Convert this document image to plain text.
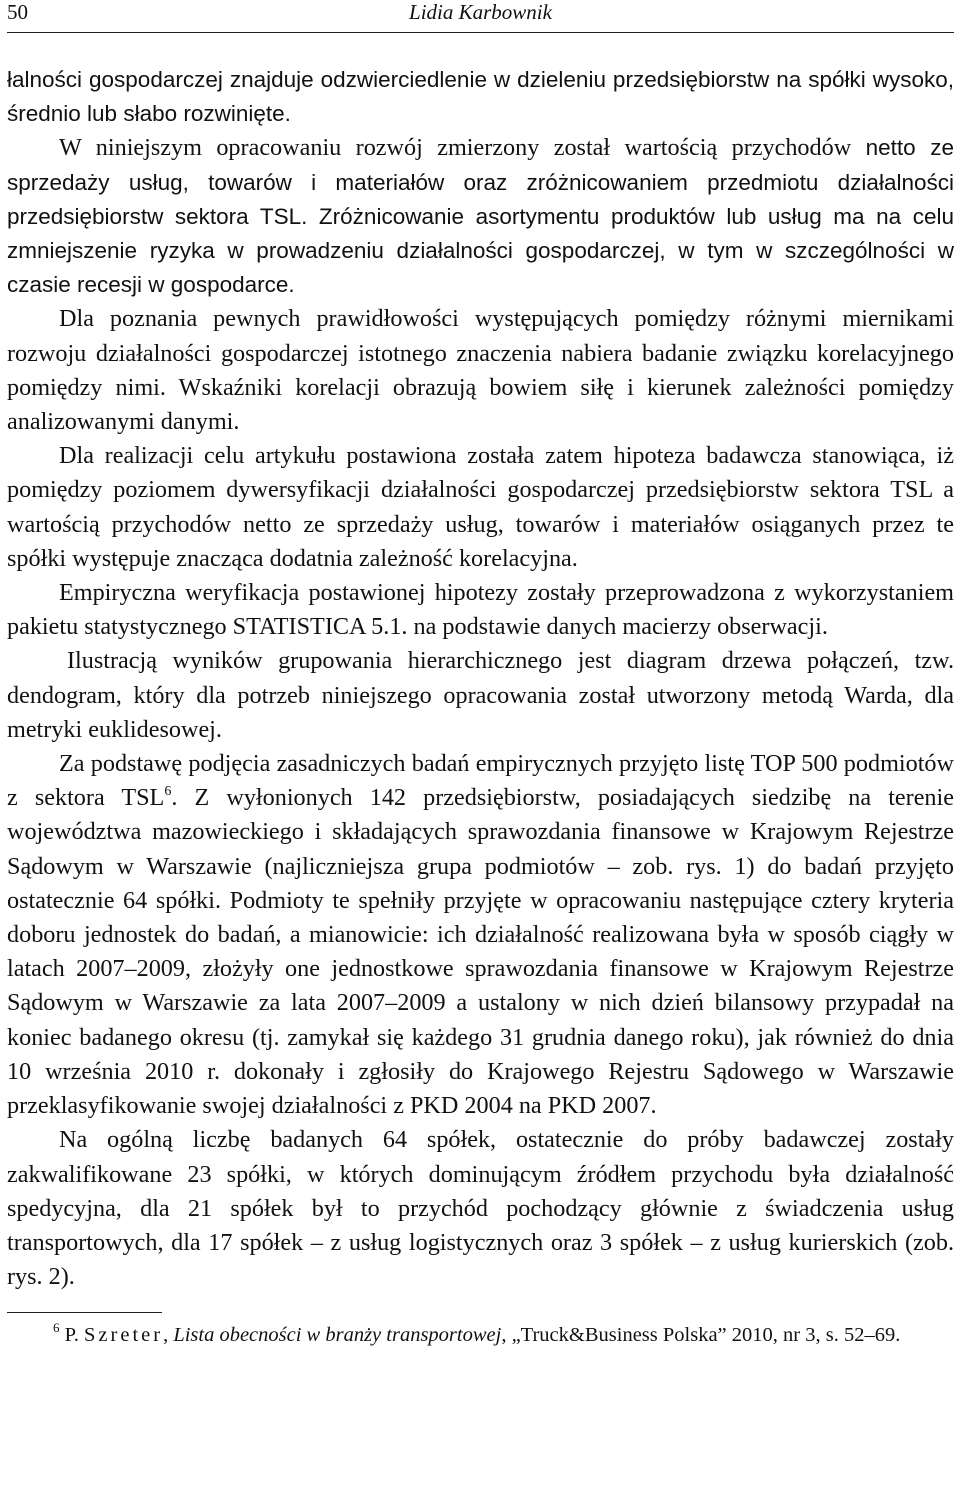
50	Lidia Karbownik

łalności gospodarczej znajduje odzwierciedlenie w dzieleniu przedsiębiorstw na spółki wysoko, średnio lub słabo rozwinięte.

W niniejszym opracowaniu rozwój zmierzony został wartością przychodów netto ze sprzedaży usług, towarów i materiałów oraz zróżnicowaniem przedmiotu działalności przedsiębiorstw sektora TSL. Zróżnicowanie asortymentu produktów lub usług ma na celu zmniejszenie ryzyka w prowadzeniu działalności gospodarczej, w tym w szczególności w czasie recesji w gospodarce.

Dla poznania pewnych prawidłowości występujących pomiędzy różnymi miernikami rozwoju działalności gospodarczej istotnego znaczenia nabiera badanie związku korelacyjnego pomiędzy nimi. Wskaźniki korelacji obrazują bowiem siłę i kierunek zależności pomiędzy analizowanymi danymi.

Dla realizacji celu artykułu postawiona została zatem hipoteza badawcza stanowiąca, iż pomiędzy poziomem dywersyfikacji działalności gospodarczej przedsiębiorstw sektora TSL a wartością przychodów netto ze sprzedaży usług, towarów i materiałów osiąganych przez te spółki występuje znacząca dodatnia zależność korelacyjna.

Empiryczna weryfikacja postawionej hipotezy zostały przeprowadzona z wykorzystaniem pakietu statystycznego STATISTICA 5.1. na podstawie danych macierzy obserwacji.

Ilustracją wyników grupowania hierarchicznego jest diagram drzewa połączeń, tzw. dendogram, który dla potrzeb niniejszego opracowania został utworzony metodą Warda, dla metryki euklidesowej.

Za podstawę podjęcia zasadniczych badań empirycznych przyjęto listę TOP 500 podmiotów z sektora TSL$^6$. Z wyłonionych 142 przedsiębiorstw, posiadających siedzibę na terenie województwa mazowieckiego i składających sprawozdania finansowe w Krajowym Rejestrze Sądowym w Warszawie (najliczniejsza grupa podmiotów – zob. rys. 1) do badań przyjęto ostatecznie 64 spółki. Podmioty te spełniły przyjęte w opracowaniu następujące cztery kryteria doboru jednostek do badań, a mianowicie: ich działalność realizowana była w sposób ciągły w latach 2007–2009, złożyły one jednostkowe sprawozdania finansowe w Krajowym Rejestrze Sądowym w Warszawie za lata 2007–2009 a ustalony w nich dzień bilansowy przypadał na koniec badanego okresu (tj. zamykał się każdego 31 grudnia danego roku), jak również do dnia 10 września 2010 r. dokonały i zgłosiły do Krajowego Rejestru Sądowego w Warszawie przeklasyfikowanie swojej działalności z PKD 2004 na PKD 2007.

Na ogólną liczbę badanych 64 spółek, ostatecznie do próby badawczej zostały zakwalifikowane 23 spółki, w których dominującym źródłem przychodu była działalność spedycyjna, dla 21 spółek był to przychód pochodzący głównie z świadczenia usług transportowych, dla 17 spółek – z usług logistycznych oraz 3 spółek – z usług kurierskich (zob. rys. 2).

$^6$ P. Szreter, Lista obecności w branży transportowej, „Truck&Business Polska” 2010, nr 3, s. 52–69.
